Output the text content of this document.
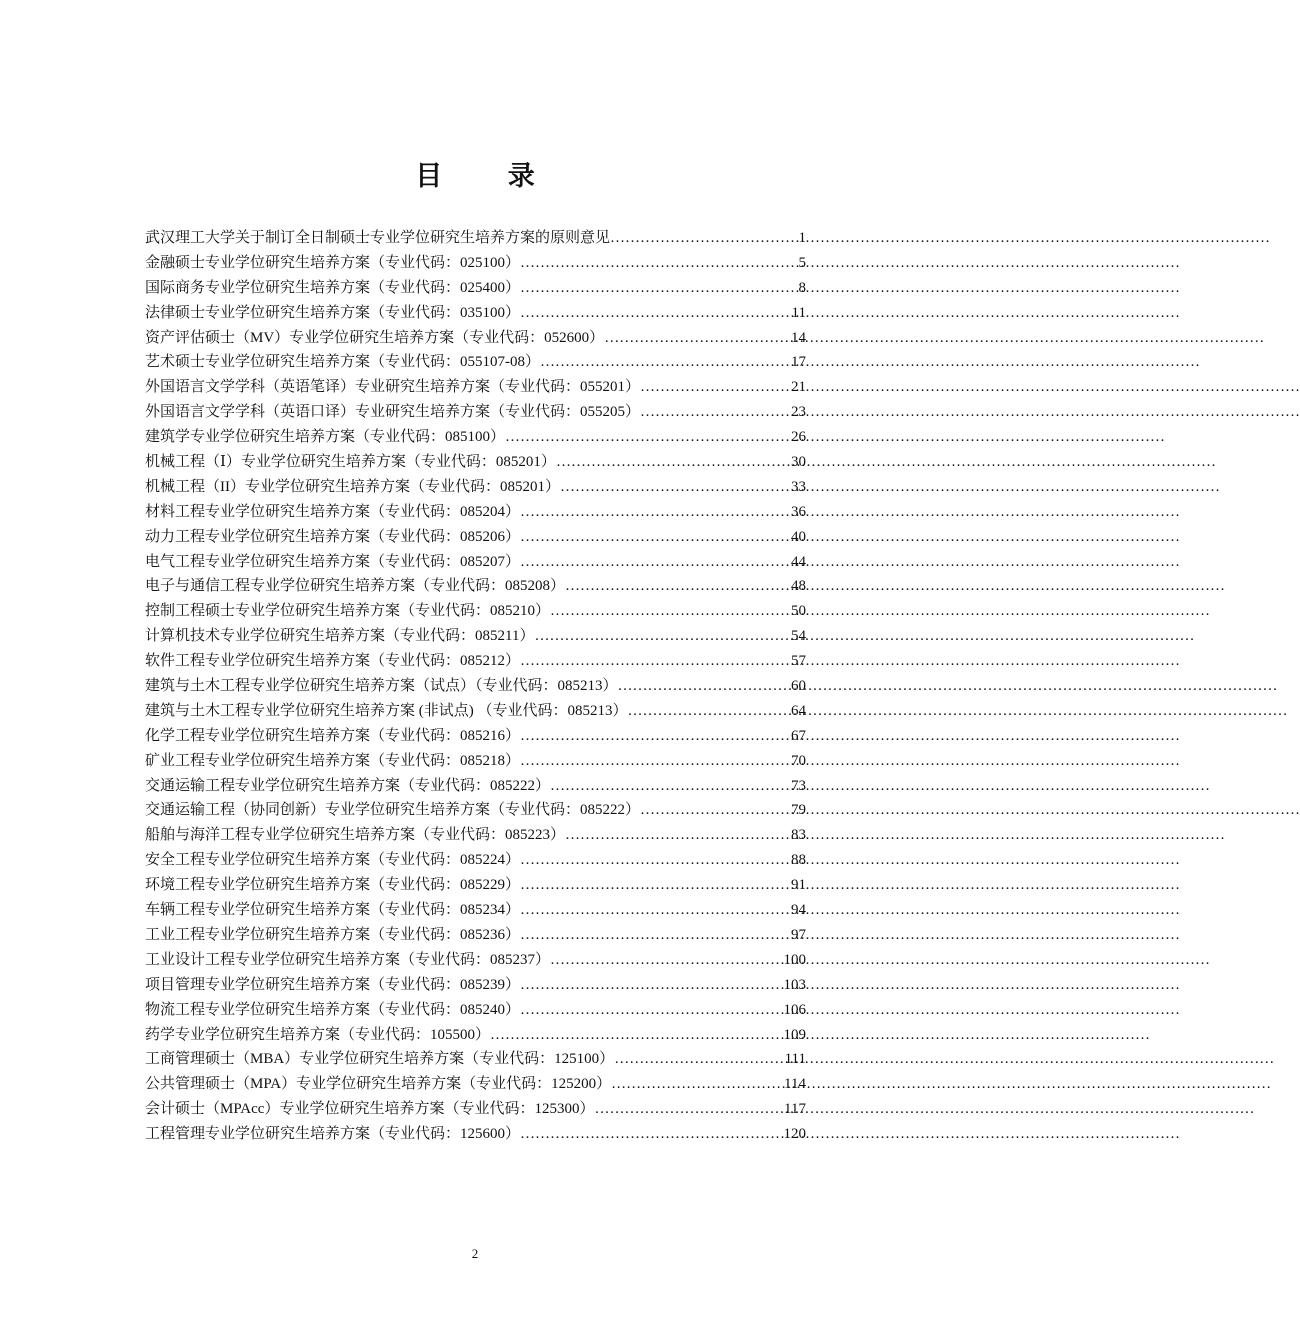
目 录
武汉理工大学关于制订全日制硕士专业学位研究生培养方案的原则意见 ……………………………………………………………………………………………………………………	1
金融硕士专业学位研究生培养方案（专业代码：025100） ……………………………………………………………………………………………………………………	5
国际商务专业学位研究生培养方案（专业代码：025400） ……………………………………………………………………………………………………………………	8
法律硕士专业学位研究生培养方案（专业代码：035100） ……………………………………………………………………………………………………………………	11
资产评估硕士（MV）专业学位研究生培养方案（专业代码：052600） ……………………………………………………………………………………………………………………	14
艺术硕士专业学位研究生培养方案（专业代码：055107-08） ……………………………………………………………………………………………………………………	17
外国语言文学学科（英语笔译）专业研究生培养方案（专业代码：055201） ……………………………………………………………………………………………………………………	21
外国语言文学学科（英语口译）专业研究生培养方案（专业代码：055205） ……………………………………………………………………………………………………………………	23
建筑学专业学位研究生培养方案（专业代码：085100） ……………………………………………………………………………………………………………………	26
机械工程（Ⅰ）专业学位研究生培养方案（专业代码：085201） ……………………………………………………………………………………………………………………	30
机械工程（II）专业学位研究生培养方案（专业代码：085201） ……………………………………………………………………………………………………………………	33
材料工程专业学位研究生培养方案（专业代码：085204） ……………………………………………………………………………………………………………………	36
动力工程专业学位研究生培养方案（专业代码：085206） ……………………………………………………………………………………………………………………	40
电气工程专业学位研究生培养方案（专业代码：085207） ……………………………………………………………………………………………………………………	44
电子与通信工程专业学位研究生培养方案（专业代码：085208） ……………………………………………………………………………………………………………………	48
控制工程硕士专业学位研究生培养方案（专业代码：085210） ……………………………………………………………………………………………………………………	50
计算机技术专业学位研究生培养方案（专业代码：085211） ……………………………………………………………………………………………………………………	54
软件工程专业学位研究生培养方案（专业代码：085212） ……………………………………………………………………………………………………………………	57
建筑与土木工程专业学位研究生培养方案（试点）（专业代码：085213） ……………………………………………………………………………………………………………………	60
建筑与土木工程专业学位研究生培养方案 (非试点) （专业代码：085213） ……………………………………………………………………………………………………………………	64
化学工程专业学位研究生培养方案（专业代码：085216） ……………………………………………………………………………………………………………………	67
矿业工程专业学位研究生培养方案（专业代码：085218） ……………………………………………………………………………………………………………………	70
交通运输工程专业学位研究生培养方案（专业代码：085222） ……………………………………………………………………………………………………………………	73
交通运输工程（协同创新）专业学位研究生培养方案（专业代码：085222） ……………………………………………………………………………………………………………………	79
船舶与海洋工程专业学位研究生培养方案（专业代码：085223） ……………………………………………………………………………………………………………………	83
安全工程专业学位研究生培养方案（专业代码：085224） ……………………………………………………………………………………………………………………	88
环境工程专业学位研究生培养方案（专业代码：085229） ……………………………………………………………………………………………………………………	91
车辆工程专业学位研究生培养方案（专业代码：085234） ……………………………………………………………………………………………………………………	94
工业工程专业学位研究生培养方案（专业代码：085236） ……………………………………………………………………………………………………………………	97
工业设计工程专业学位研究生培养方案（专业代码：085237） ……………………………………………………………………………………………………………………	100
项目管理专业学位研究生培养方案（专业代码：085239） ……………………………………………………………………………………………………………………	103
物流工程专业学位研究生培养方案（专业代码：085240） ……………………………………………………………………………………………………………………	106
药学专业学位研究生培养方案（专业代码：105500） ……………………………………………………………………………………………………………………	109
工商管理硕士（MBA）专业学位研究生培养方案（专业代码：125100） ……………………………………………………………………………………………………………………	111
公共管理硕士（MPA）专业学位研究生培养方案（专业代码：125200） ……………………………………………………………………………………………………………………	114
会计硕士（MPAcc）专业学位研究生培养方案（专业代码：125300） ……………………………………………………………………………………………………………………	117
工程管理专业学位研究生培养方案（专业代码：125600） ……………………………………………………………………………………………………………………	120
2
